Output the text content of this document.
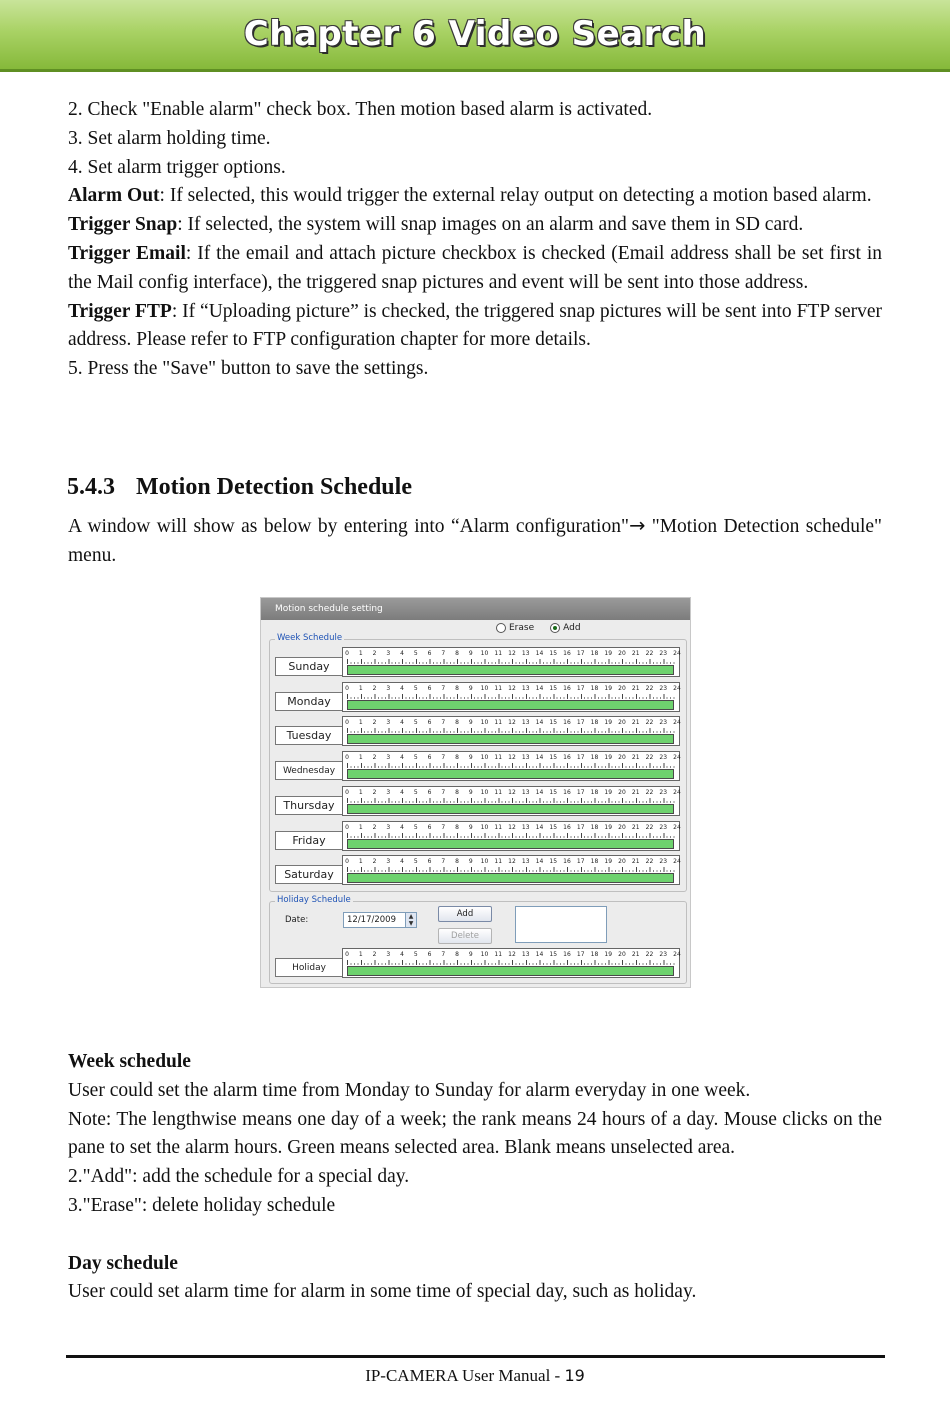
Chapter 6 Video Search

2. Check "Enable alarm" check box. Then motion based alarm is activated.

3. Set alarm holding time.

4. Set alarm trigger options.

Alarm Out: If selected, this would trigger the external relay output on detecting a motion based alarm.

Trigger Snap: If selected, the system will snap images on an alarm and save them in SD card.

Trigger Email: If the email and attach picture checkbox is checked (Email address shall be set first in the Mail config interface), the triggered snap pictures and event will be sent into those address.

Trigger FTP: If “Uploading picture” is checked, the triggered snap pictures will be sent into FTP server address. Please refer to FTP configuration chapter for more details.

5. Press the "Save" button to save the settings.

5.4.3 Motion Detection Schedule

A window will show as below by entering into “Alarm configuration"→ "Motion Detection schedule" menu.

Motion schedule setting
Erase	Add
Week Schedule
Sunday
0	1	2	3	4	5	6	7	8	9	10	11	12	13	14	15	16	17	18	19	20	21	22	23	24
Monday
0	1	2	3	4	5	6	7	8	9	10	11	12	13	14	15	16	17	18	19	20	21	22	23	24
Tuesday
0	1	2	3	4	5	6	7	8	9	10	11	12	13	14	15	16	17	18	19	20	21	22	23	24
Wednesday
0	1	2	3	4	5	6	7	8	9	10	11	12	13	14	15	16	17	18	19	20	21	22	23	24
Thursday
0	1	2	3	4	5	6	7	8	9	10	11	12	13	14	15	16	17	18	19	20	21	22	23	24
Friday
0	1	2	3	4	5	6	7	8	9	10	11	12	13	14	15	16	17	18	19	20	21	22	23	24
Saturday
0	1	2	3	4	5	6	7	8	9	10	11	12	13	14	15	16	17	18	19	20	21	22	23	24
Holiday Schedule
Date:	12/17/2009	▲
▼
Add
Delete
Holiday
0	1	2	3	4	5	6	7	8	9	10	11	12	13	14	15	16	17	18	19	20	21	22	23	24

Week schedule

User could set the alarm time from Monday to Sunday for alarm everyday in one week.

Note: The lengthwise means one day of a week; the rank means 24 hours of a day. Mouse clicks on the pane to set the alarm hours. Green means selected area. Blank means unselected area.

2."Add": add the schedule for a special day.

3."Erase": delete holiday schedule

Day schedule

User could set alarm time for alarm in some time of special day, such as holiday.

IP-CAMERA User Manual - 19
